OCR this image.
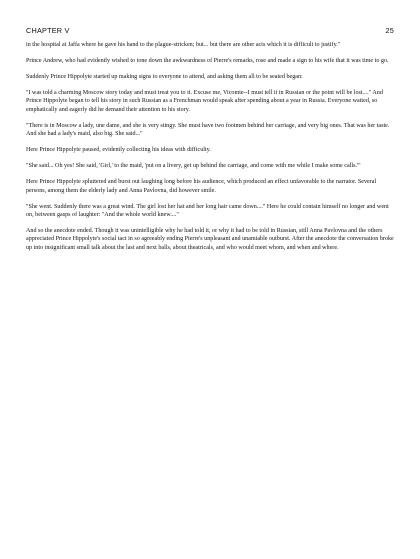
CHAPTER V	25

in the hospital at Jaffa where he gave his hand to the plague-stricken; but... but there are other acts which it is difficult to justify."

Prince Andrew, who had evidently wished to tone down the awkwardness of Pierre's remarks, rose and made a sign to his wife that it was time to go.

Suddenly Prince Hippolyte started up making signs to everyone to attend, and asking them all to be seated began:

"I was told a charming Moscow story today and must treat you to it. Excuse me, Vicomte--I must tell it in Russian or the point will be lost...." And Prince Hippolyte began to tell his story in such Russian as a Frenchman would speak after spending about a year in Russia. Everyone waited, so emphatically and eagerly did he demand their attention to his story.

"There is in Moscow a lady, une dame, and she is very stingy. She must have two footmen behind her carriage, and very big ones. That was her taste. And she had a lady's maid, also big. She said..."

Here Prince Hippolyte paused, evidently collecting his ideas with difficulty.

"She said... Oh yes! She said, 'Girl,' to the maid, 'put on a livery, get up behind the carriage, and come with me while I make some calls.'"

Here Prince Hippolyte spluttered and burst out laughing long before his audience, which produced an effect unfavorable to the narrator. Several persons, among them the elderly lady and Anna Pavlovna, did however smile.

"She went. Suddenly there was a great wind. The girl lost her hat and her long hair came down...." Here he could contain himself no longer and went on, between gasps of laughter: "And the whole world knew...."

And so the anecdote ended. Though it was unintelligible why he had told it, or why it had to be told in Russian, still Anna Pavlovna and the others appreciated Prince Hippolyte's social tact in so agreeably ending Pierre's unpleasant and unamiable outburst. After the anecdote the conversation broke up into insignificant small talk about the last and next balls, about theatricals, and who would meet whom, and when and where.
